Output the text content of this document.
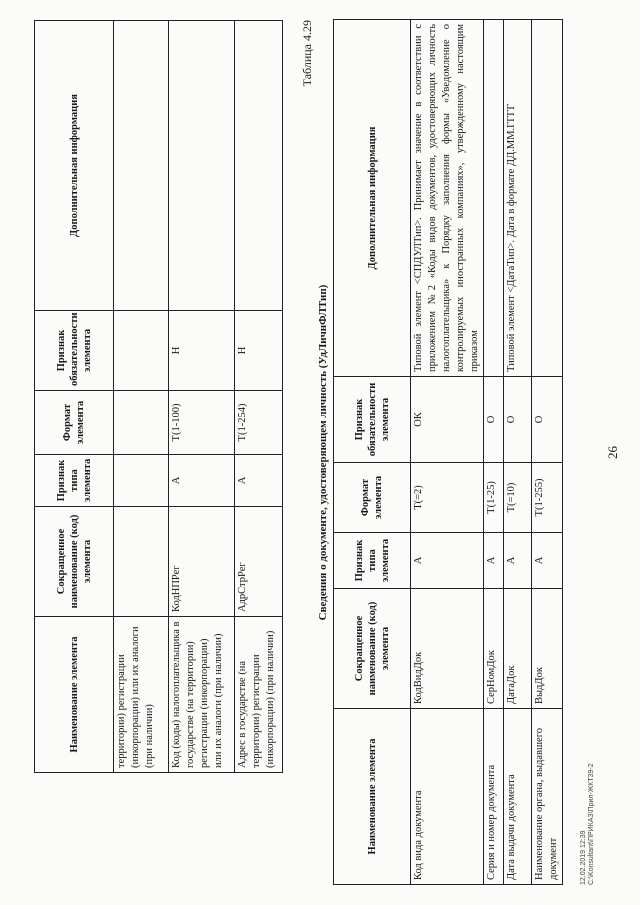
26
Наименование элемента	Сокращенное наименование (код) элемента	Признак типа элемента	Формат элемента	Признак обязательности элемента	Дополнительная информация
территории) регистрации (инкорпорации) или их аналоги (при наличии)					
Код (коды) налогоплательщика в государстве (на территории) регистрации (инкорпорации) или их аналоги (при наличии)	КодНПРег	А	Т(1-100)	Н	
Адрес в государстве (на территории) регистрации (инкорпорации) (при наличии)	АдрСтрРег	А	Т(1-254)	Н	
Таблица 4.29
Сведения о документе, удостоверяющем личность (УдЛичнФЛТип)
Наименование элемента	Сокращенное наименование (код) элемента	Признак типа элемента	Формат элемента	Признак обязательности элемента	Дополнительная информация
Код вида документа	КодВидДок	А	Т(=2)	ОК	Типовой элемент <СПДУЛТип>. Принимает значение в соответствии с приложением №2 «Коды видов документов, удостоверяющих личность налогоплательщика» к Порядку заполнения формы «Уведомление о контролируемых иностранных компаниях», утвержденному настоящим приказом
Серия и номер документа	СерНомДок	А	Т(1-25)	О	
Дата выдачи документа	ДатаДок	А	Т(=10)	О	Типовой элемент <ДатаТип>. Дата в формате ДД.ММ.ГГГГ
Наименование органа, выдавшего документ	ВыдДок	А	Т(1-255)	О	
12.02.2019 12:39 C:\Konsultant\ПРИКАЗ\Прил-ЖКТ39-2
